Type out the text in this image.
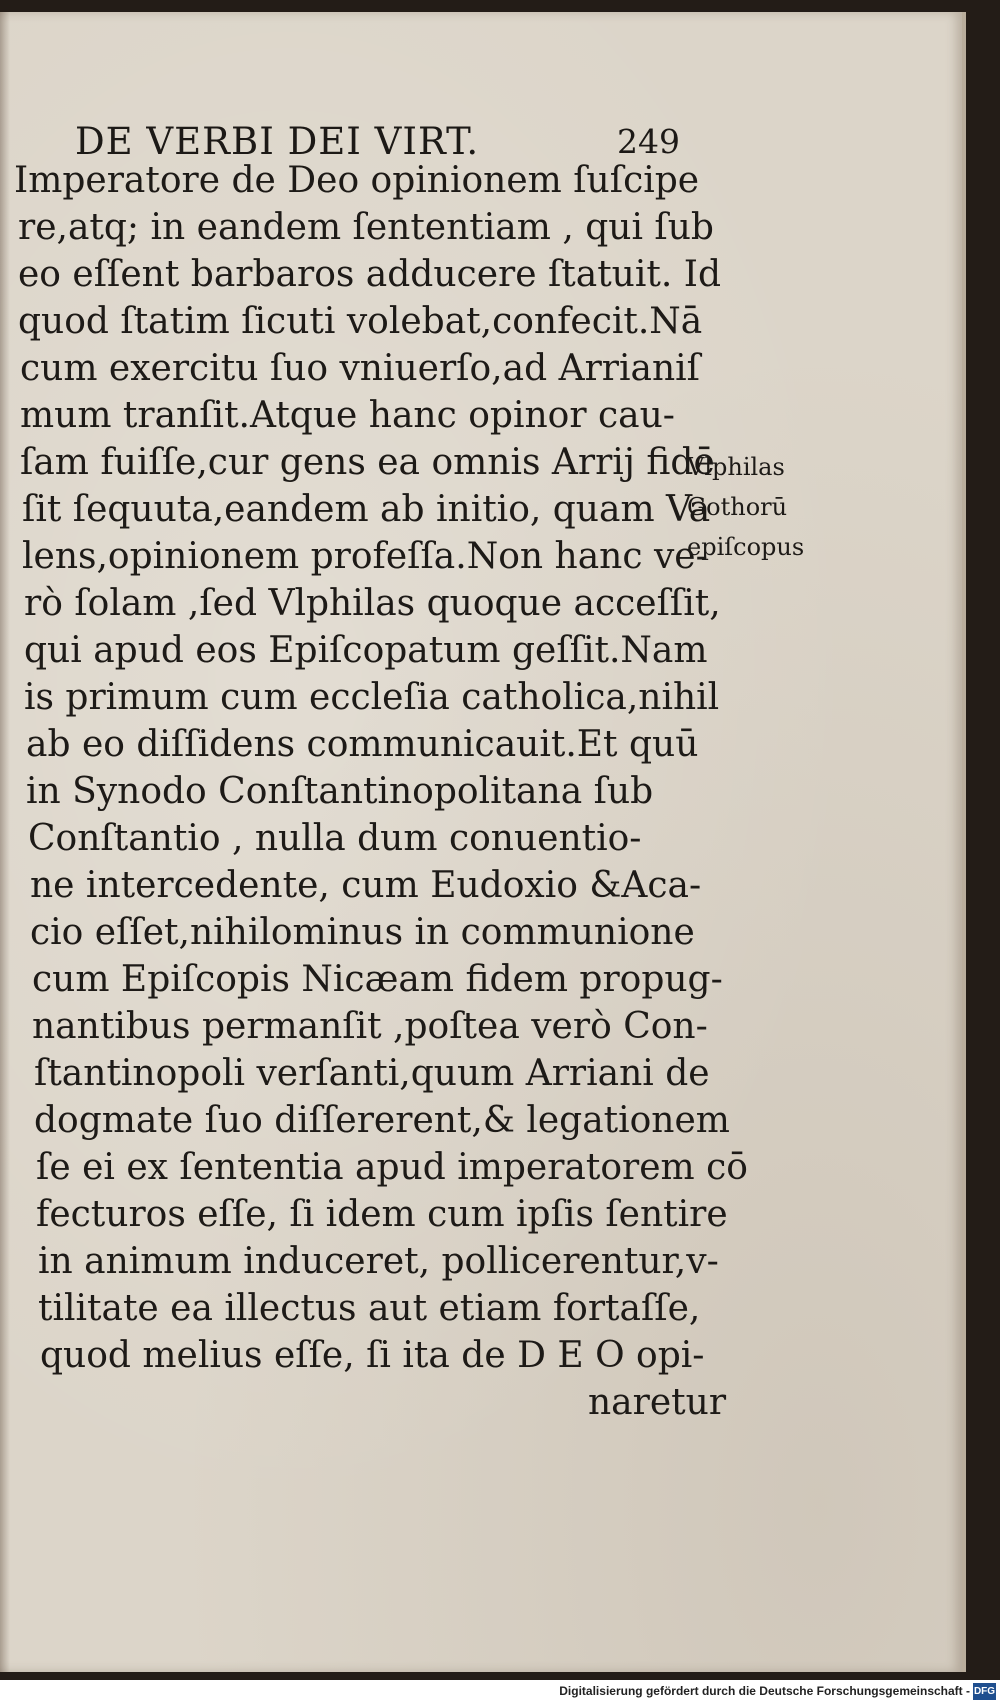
DE VERBI DEI VIRT.	249
Imperatore de Deo opinionem ſuſcipe
re,atq; in eandem ſententiam , qui ſub
eo eſſent barbaros adducere ſtatuit. Id
quod ſtatim ſicuti volebat,confecit.Nā
cum exercitu ſuo vniuerſo,ad Arrianiſ
mum tranſit.Atque hanc opinor cau-
ſam fuiſſe,cur gens ea omnis Arrij fidē
ſit ſequuta,eandem ab initio, quam Va
lens,opinionem profeſſa.Non hanc ve-
rò ſolam ,ſed Vlphilas quoque acceſſit,
qui apud eos Epiſcopatum geſſit.Nam
is primum cum eccleſia catholica,nihil
ab eo diſſidens communicauit.Et quū
in Synodo Conſtantinopolitana ſub
Conſtantio , nulla dum conuentio-
ne intercedente, cum Eudoxio &Aca-
cio eſſet,nihilominus in communione
cum Epiſcopis Nicæam fidem propug-
nantibus permanſit ,poſtea verò Con-
ſtantinopoli verſanti,quum Arriani de
dogmate ſuo diſſererent,& legationem
ſe ei ex ſententia apud imperatorem cō
fecturos eſſe, ſi idem cum ipſis ſentire
in animum induceret, pollicerentur,v-
tilitate ea illectus aut etiam fortaſſe,
quod melius eſſe, ſi ita de D E O opi-
naretur
Vlphilas
Gothorū
epiſcopus
Digitalisierung gefördert durch die Deutsche Forschungsgemeinschaft - DFG
